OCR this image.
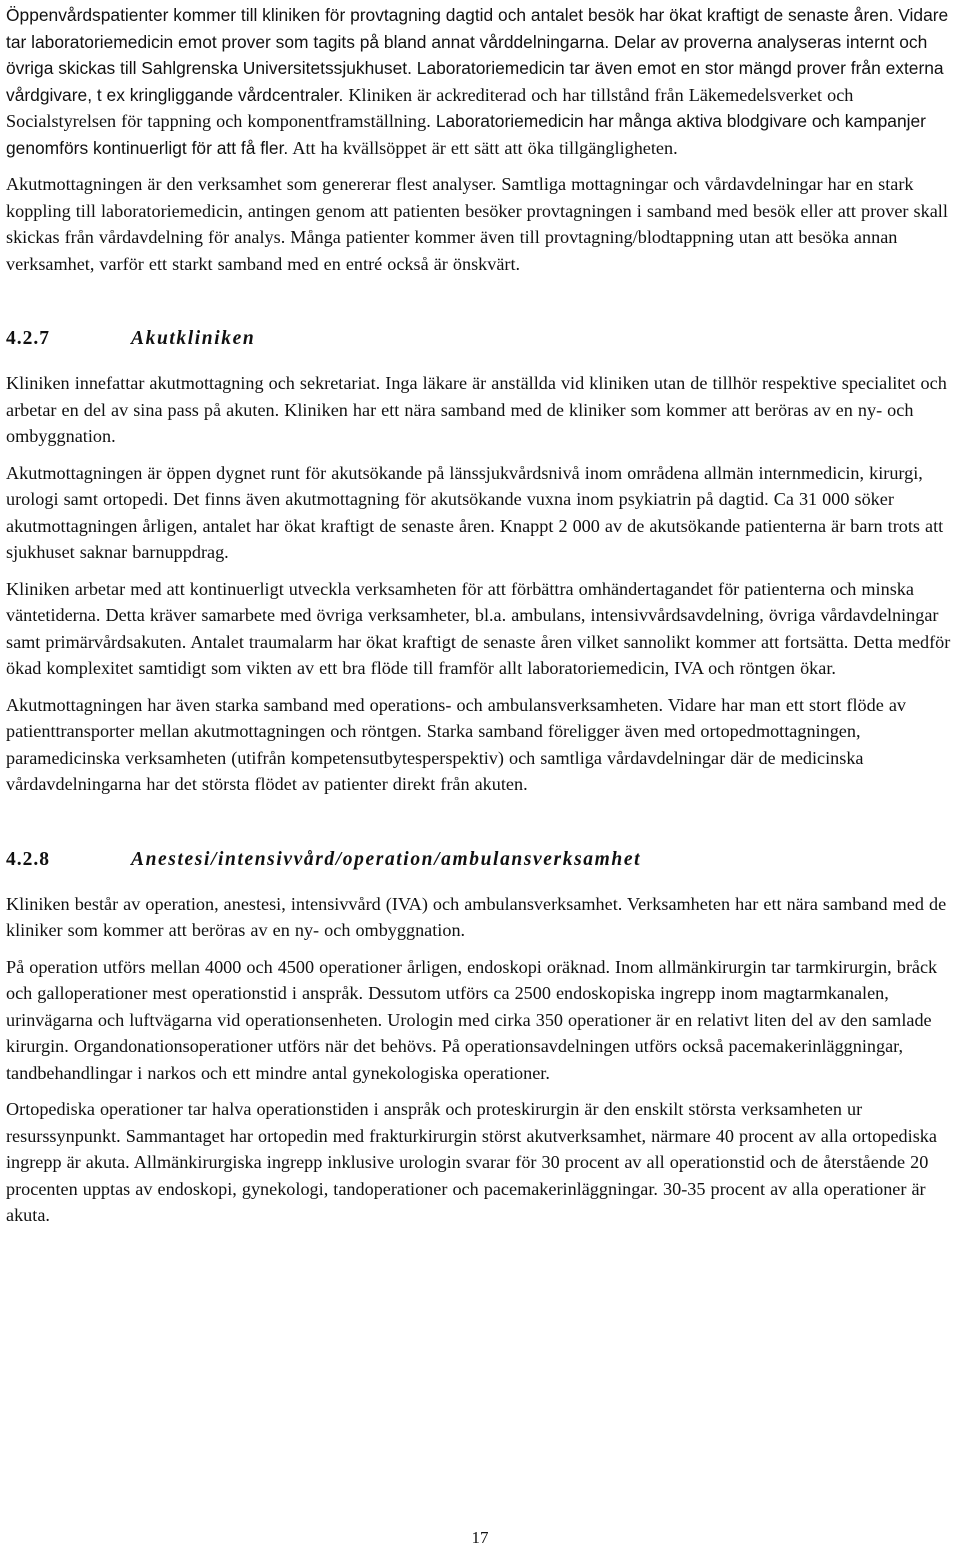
Öppenvårdspatienter kommer till kliniken för provtagning dagtid och antalet besök har ökat kraftigt de senaste åren. Vidare tar laboratoriemedicin emot prover som tagits på bland annat vårddelningarna. Delar av proverna analyseras internt och övriga skickas till Sahlgrenska Universitetssjukhuset. Laboratoriemedicin tar även emot en stor mängd prover från externa vårdgivare, t ex kringliggande vårdcentraler. Kliniken är ackrediterad och har tillstånd från Läkemedelsverket och Socialstyrelsen för tappning och komponentframställning. Laboratoriemedicin har många aktiva blodgivare och kampanjer genomförs kontinuerligt för att få fler. Att ha kvällsöppet är ett sätt att öka tillgängligheten.

Akutmottagningen är den verksamhet som genererar flest analyser. Samtliga mottagningar och vårdavdelningar har en stark koppling till laboratoriemedicin, antingen genom att patienten besöker provtagningen i samband med besök eller att prover skall skickas från vårdavdelning för analys. Många patienter kommer även till provtagning/blodtappning utan att besöka annan verksamhet, varför ett starkt samband med en entré också är önskvärt.

4.2.7	Akutkliniken

Kliniken innefattar akutmottagning och sekretariat. Inga läkare är anställda vid kliniken utan de tillhör respektive specialitet och arbetar en del av sina pass på akuten. Kliniken har ett nära samband med de kliniker som kommer att beröras av en ny- och ombyggnation.

Akutmottagningen är öppen dygnet runt för akutsökande på länssjukvårdsnivå inom områdena allmän internmedicin, kirurgi, urologi samt ortopedi. Det finns även akutmottagning för akutsökande vuxna inom psykiatrin på dagtid. Ca 31 000 söker akutmottagningen årligen, antalet har ökat kraftigt de senaste åren. Knappt 2 000 av de akutsökande patienterna är barn trots att sjukhuset saknar barnuppdrag.

Kliniken arbetar med att kontinuerligt utveckla verksamheten för att förbättra omhändertagandet för patienterna och minska väntetiderna. Detta kräver samarbete med övriga verksamheter, bl.a. ambulans, intensivvårdsavdelning, övriga vårdavdelningar samt primärvårdsakuten. Antalet traumalarm har ökat kraftigt de senaste åren vilket sannolikt kommer att fortsätta. Detta medför ökad komplexitet samtidigt som vikten av ett bra flöde till framför allt laboratoriemedicin, IVA och röntgen ökar.

Akutmottagningen har även starka samband med operations- och ambulansverksamheten. Vidare har man ett stort flöde av patienttransporter mellan akutmottagningen och röntgen. Starka samband föreligger även med ortopedmottagningen, paramedicinska verksamheten (utifrån kompetensutbytesperspektiv) och samtliga vårdavdelningar där de medicinska vårdavdelningarna har det största flödet av patienter direkt från akuten.

4.2.8	Anestesi/intensivvård/operation/ambulansverksamhet

Kliniken består av operation, anestesi, intensivvård (IVA) och ambulansverksamhet. Verksamheten har ett nära samband med de kliniker som kommer att beröras av en ny- och ombyggnation.

På operation utförs mellan 4000 och 4500 operationer årligen, endoskopi oräknad. Inom allmänkirurgin tar tarmkirurgin, bråck och galloperationer mest operationstid i anspråk. Dessutom utförs ca 2500 endoskopiska ingrepp inom magtarmkanalen, urinvägarna och luftvägarna vid operationsenheten. Urologin med cirka 350 operationer är en relativt liten del av den samlade kirurgin. Organdonationsoperationer utförs när det behövs. På operationsavdelningen utförs också pacemakerinläggningar, tandbehandlingar i narkos och ett mindre antal gynekologiska operationer.

Ortopediska operationer tar halva operationstiden i anspråk och proteskirurgin är den enskilt största verksamheten ur resurssynpunkt. Sammantaget har ortopedin med frakturkirurgin störst akutverksamhet, närmare 40 procent av alla ortopediska ingrepp är akuta. Allmänkirurgiska ingrepp inklusive urologin svarar för 30 procent av all operationstid och de återstående 20 procenten upptas av endoskopi, gynekologi, tandoperationer och pacemakerinläggningar. 30-35 procent av alla operationer är akuta.

17
